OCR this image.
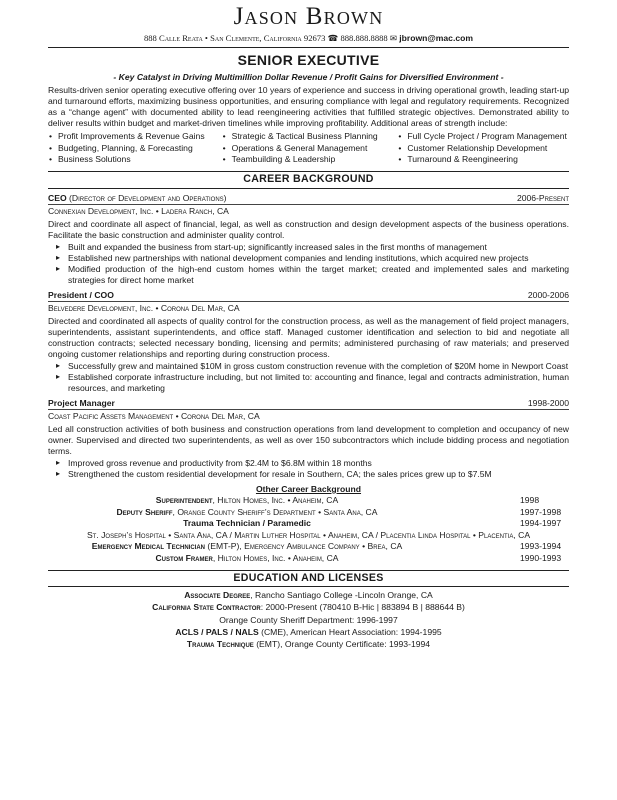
Jason Brown
888 Calle Reata • San Clemente, California 92673 ☎ 888.888.8888 ✉ jbrown@mac.com
SENIOR EXECUTIVE
- Key Catalyst in Driving Multimillion Dollar Revenue / Profit Gains for Diversified Environment -
Results-driven senior operating executive offering over 10 years of experience and success in driving operational growth, leading start-up and turnaround efforts, maximizing business opportunities, and ensuring compliance with legal and regulatory requirements. Recognized as a “change agent” with documented ability to lead reengineering activities that fulfilled strategic objectives. Demonstrated ability to deliver results within budget and market-driven timelines while improving profitability. Additional areas of strength include:
• Profit Improvements & Revenue Gains
• Budgeting, Planning, & Forecasting
• Business Solutions
• Strategic & Tactical Business Planning
• Operations & General Management
• Teambuilding & Leadership
• Full Cycle Project / Program Management
• Customer Relationship Development
• Turnaround & Reengineering
CAREER BACKGROUND
CEO (Director of Development and Operations)	2006-Present
Connexian Development, Inc. • Ladera Ranch, CA
Direct and coordinate all aspect of financial, legal, as well as construction and design development aspects of the business operations. Facilitate the basic construction and administer quality control.
▸ Built and expanded the business from start-up; significantly increased sales in the first months of management
▸ Established new partnerships with national development companies and lending institutions, which acquired new projects
▸ Modified production of the high-end custom homes within the target market; created and implemented sales and marketing strategies for direct home market
President / COO	2000-2006
Belvedere Development, Inc. • Corona Del Mar, CA
Directed and coordinated all aspects of quality control for the construction process, as well as the management of field project managers, superintendents, assistant superintendents, and office staff. Managed customer identification and selection to bid and negotiate all construction contracts; selected necessary bonding, licensing and permits; administered purchasing of raw materials; and preserved ongoing customer relationships and reporting during construction process.
▸ Successfully grew and maintained $10M in gross custom construction revenue with the completion of $20M home in Newport Coast
▸ Established corporate infrastructure including, but not limited to: accounting and finance, legal and contracts administration, human resources, and marketing
Project Manager	1998-2000
Coast Pacific Assets Management • Corona Del Mar, CA
Led all construction activities of both business and construction operations from land development to completion and occupancy of new owner. Supervised and directed two superintendents, as well as over 150 subcontractors which include bidding process and negotiation terms.
▸ Improved gross revenue and productivity from $2.4M to $6.8M within 18 months
▸ Strengthened the custom residential development for resale in Southern, CA; the sales prices grew up to $7.5M
Other Career Background
Superintendent, Hilton Homes, Inc. • Anaheim, CA	1998
Deputy Sheriff, Orange County Sheriff’s Department • Santa Ana, CA	1997-1998
Trauma Technician / Paramedic	1994-1997
St. Joseph’s Hospital • Santa Ana, CA / Martin Luther Hospital • Anaheim, CA / Placentia Linda Hospital • Placentia, CA
Emergency Medical Technician (EMT-P), Emergency Ambulance Company • Brea, CA	1993-1994
Custom Framer, Hilton Homes, Inc. • Anaheim, CA	1990-1993
EDUCATION AND LICENSES
Associate Degree, Rancho Santiago College -Lincoln Orange, CA
California State Contractor: 2000-Present (780410 B-Hic | 883894 B | 888644 B)
Orange County Sheriff Department: 1996-1997
ACLS / PALS / NALS (CME), American Heart Association: 1994-1995
Trauma Technique (EMT), Orange County Certificate: 1993-1994
